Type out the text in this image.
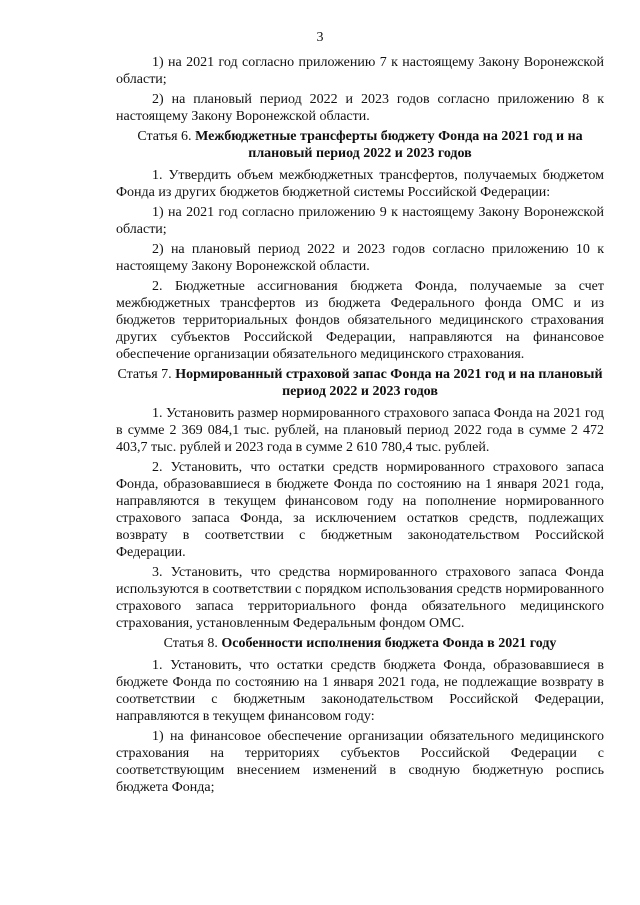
3

1) на 2021 год согласно приложению 7 к настоящему Закону Воронежской области;

2) на плановый период 2022 и 2023 годов согласно приложению 8 к настоящему Закону Воронежской области.

Статья 6. Межбюджетные трансферты бюджету Фонда на 2021 год и на плановый период 2022 и 2023 годов

1. Утвердить объем межбюджетных трансфертов, получаемых бюджетом Фонда из других бюджетов бюджетной системы Российской Федерации:

1) на 2021 год согласно приложению 9 к настоящему Закону Воронежской области;

2) на плановый период 2022 и 2023 годов согласно приложению 10 к настоящему Закону Воронежской области.

2. Бюджетные ассигнования бюджета Фонда, получаемые за счет межбюджетных трансфертов из бюджета Федерального фонда ОМС и из бюджетов территориальных фондов обязательного медицинского страхования других субъектов Российской Федерации, направляются на финансовое обеспечение организации обязательного медицинского страхования.

Статья 7. Нормированный страховой запас Фонда на 2021 год и на плановый период 2022 и 2023 годов

1. Установить размер нормированного страхового запаса Фонда на 2021 год в сумме 2 369 084,1 тыс. рублей, на плановый период 2022 года в сумме 2 472 403,7 тыс. рублей и 2023 года в сумме 2 610 780,4 тыс. рублей.

2. Установить, что остатки средств нормированного страхового запаса Фонда, образовавшиеся в бюджете Фонда по состоянию на 1 января 2021 года, направляются в текущем финансовом году на пополнение нормированного страхового запаса Фонда, за исключением остатков средств, подлежащих возврату в соответствии с бюджетным законодательством Российской Федерации.

3. Установить, что средства нормированного страхового запаса Фонда используются в соответствии с порядком использования средств нормированного страхового запаса территориального фонда обязательного медицинского страхования, установленным Федеральным фондом ОМС.

Статья 8. Особенности исполнения бюджета Фонда в 2021 году

1. Установить, что остатки средств бюджета Фонда, образовавшиеся в бюджете Фонда по состоянию на 1 января 2021 года, не подлежащие возврату в соответствии с бюджетным законодательством Российской Федерации, направляются в текущем финансовом году:

1) на финансовое обеспечение организации обязательного медицинского страхования на территориях субъектов Российской Федерации с соответствующим внесением изменений в сводную бюджетную роспись бюджета Фонда;
